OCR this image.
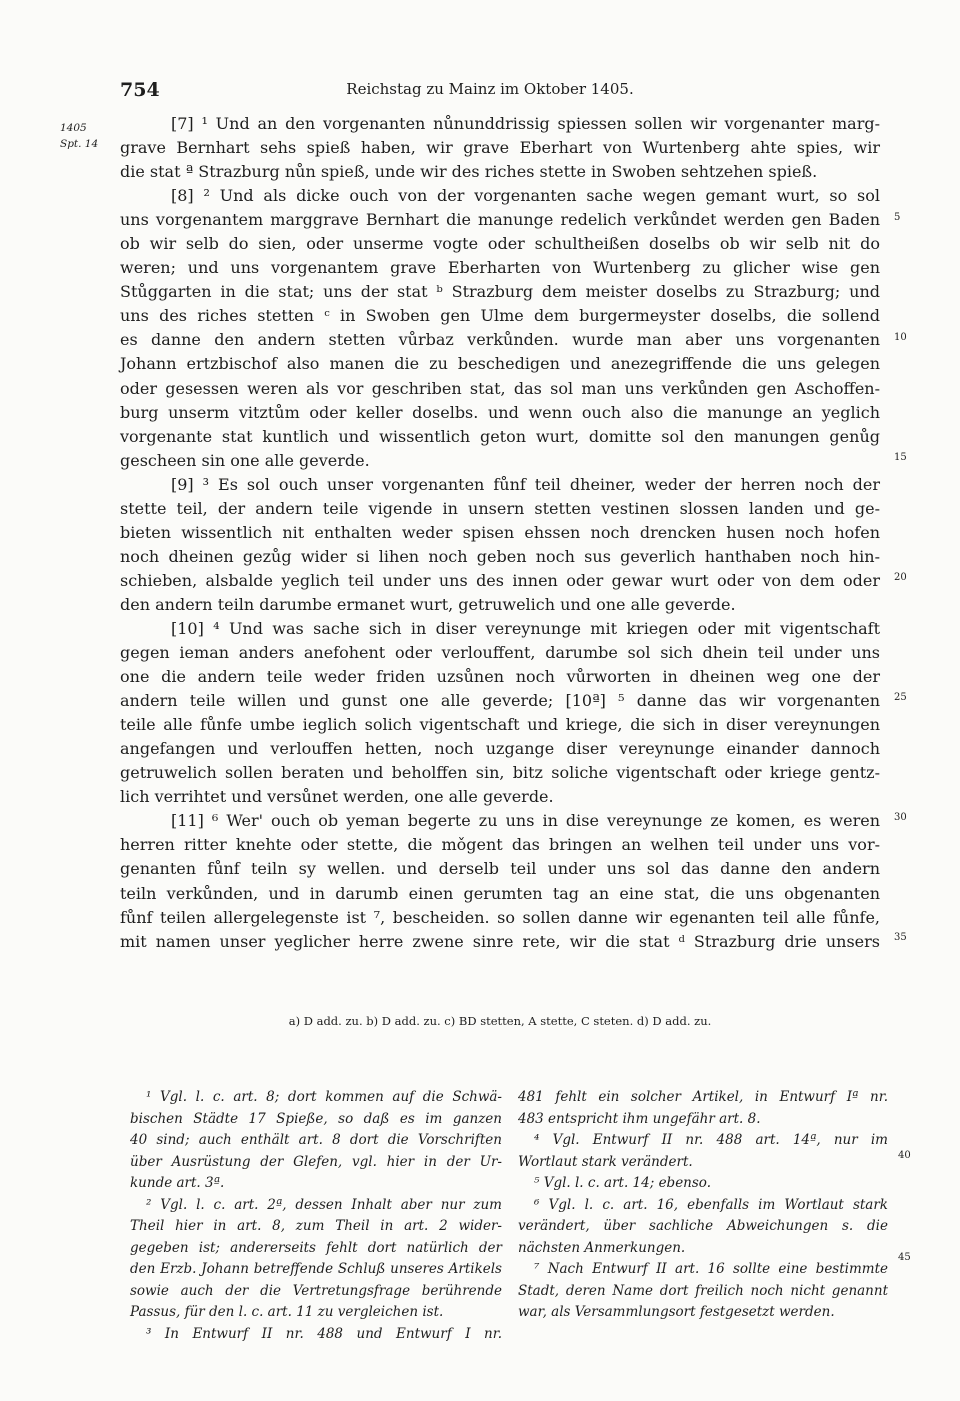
754	Reichstag zu Mainz im Oktober 1405.
1405
Spt. 14
[7] ¹ Und an den vorgenanten nůnunddrissig spiessen sollen wir vorgenanter marg-
grave Bernhart sehs spieß haben, wir grave Eberhart von Wurtenberg ahte spies, wir
die stat ª Strazburg nůn spieß, unde wir des riches stette in Swoben sehtzehen spieß.
[8] ² Und als dicke ouch von der vorgenanten sache wegen gemant wurt, so sol
uns vorgenantem marggrave Bernhart die manunge redelich verkůndet werden gen Baden
ob wir selb do sien, oder unserme vogte oder schultheißen doselbs ob wir selb nit do
weren; und uns vorgenantem grave Eberharten von Wurtenberg zu glicher wise gen
Stůggarten in die stat; uns der stat ᵇ Strazburg dem meister doselbs zu Strazburg; und
uns des riches stetten ᶜ in Swoben gen Ulme dem burgermeyster doselbs, die sollend
es danne den andern stetten vůrbaz verkůnden. wurde man aber uns vorgenanten
Johann ertzbischof also manen die zu beschedigen und anezegriffende die uns gelegen
oder gesessen weren als vor geschriben stat, das sol man uns verkůnden gen Aschoffen-
burg unserm vitztům oder keller doselbs. und wenn ouch also die manunge an yeglich
vorgenante stat kuntlich und wissentlich geton wurt, domitte sol den manungen genůg
gescheen sin one alle geverde.
[9] ³ Es sol ouch unser vorgenanten fůnf teil dheiner, weder der herren noch der
stette teil, der andern teile vigende in unsern stetten vestinen slossen landen und ge-
bieten wissentlich nit enthalten weder spisen ehssen noch drencken husen noch hofen
noch dheinen gezůg wider si lihen noch geben noch sus geverlich hanthaben noch hin-
schieben, alsbalde yeglich teil under uns des innen oder gewar wurt oder von dem oder
den andern teiln darumbe ermanet wurt, getruwelich und one alle geverde.
[10] ⁴ Und was sache sich in diser vereynunge mit kriegen oder mit vigentschaft
gegen ieman anders anefohent oder verlouffent, darumbe sol sich dhein teil under uns
one die andern teile weder friden uzsůnen noch vůrworten in dheinen weg one der
andern teile willen und gunst one alle geverde; [10ª] ⁵ danne das wir vorgenanten
teile alle fůnfe umbe ieglich solich vigentschaft und kriege, die sich in diser vereynungen
angefangen und verlouffen hetten, noch uzgange diser vereynunge einander dannoch
getruwelich sollen beraten und beholffen sin, bitz soliche vigentschaft oder kriege gentz-
lich verrihtet und versůnet werden, one alle geverde.
[11] ⁶ Wer' ouch ob yeman begerte zu uns in dise vereynunge ze komen, es weren
herren ritter knehte oder stette, die mǒgent das bringen an welhen teil under uns vor-
genanten fůnf teiln sy wellen. und derselb teil under uns sol das danne den andern
teiln verkůnden, und in darumb einen gerumten tag an eine stat, die uns obgenanten
fůnf teilen allergelegenste ist ⁷, bescheiden. so sollen danne wir egenanten teil alle fůnfe,
mit namen unser yeglicher herre zwene sinre rete, wir die stat ᵈ Strazburg drie unsers
5
10
15
20
25
30
35
a) D add. zu. b) D add. zu. c) BD stetten, A stette, C steten. d) D add. zu.
¹ Vgl. l. c. art. 8; dort kommen auf die Schwä-
bischen Städte 17 Spieße, so daß es im ganzen
40 sind; auch enthält art. 8 dort die Vorschriften
über Ausrüstung der Glefen, vgl. hier in der Ur-
kunde art. 3ª.
² Vgl. l. c. art. 2ª, dessen Inhalt aber nur zum
Theil hier in art. 8, zum Theil in art. 2 wider-
gegeben ist; andererseits fehlt dort natürlich der
den Erzb. Johann betreffende Schluß unseres Artikels
sowie auch der die Vertretungsfrage berührende
Passus, für den l. c. art. 11 zu vergleichen ist.
³ In Entwurf II nr. 488 und Entwurf I nr.
481 fehlt ein solcher Artikel, in Entwurf Iª nr.
483 entspricht ihm ungefähr art. 8.
⁴ Vgl. Entwurf II nr. 488 art. 14ª, nur im
Wortlaut stark verändert.
⁵ Vgl. l. c. art. 14; ebenso.
⁶ Vgl. l. c. art. 16, ebenfalls im Wortlaut stark
verändert, über sachliche Abweichungen s. die
nächsten Anmerkungen.
⁷ Nach Entwurf II art. 16 sollte eine bestimmte
Stadt, deren Name dort freilich noch nicht genannt
war, als Versammlungsort festgesetzt werden.
40
45
